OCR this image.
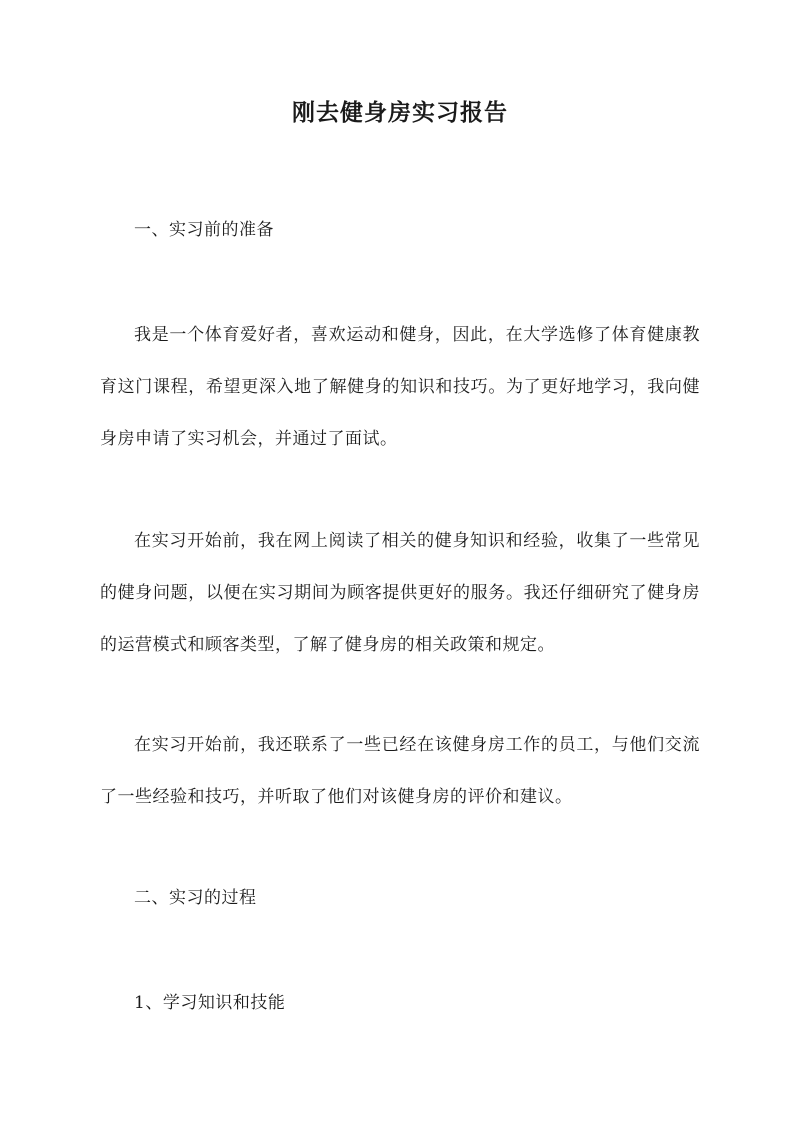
刚去健身房实习报告

一、实习前的准备

我是一个体育爱好者，喜欢运动和健身，因此，在大学选修了体育健康教育这门课程，希望更深入地了解健身的知识和技巧。为了更好地学习，我向健身房申请了实习机会，并通过了面试。

在实习开始前，我在网上阅读了相关的健身知识和经验，收集了一些常见的健身问题，以便在实习期间为顾客提供更好的服务。我还仔细研究了健身房的运营模式和顾客类型，了解了健身房的相关政策和规定。

在实习开始前，我还联系了一些已经在该健身房工作的员工，与他们交流了一些经验和技巧，并听取了他们对该健身房的评价和建议。

二、实习的过程

1、学习知识和技能
